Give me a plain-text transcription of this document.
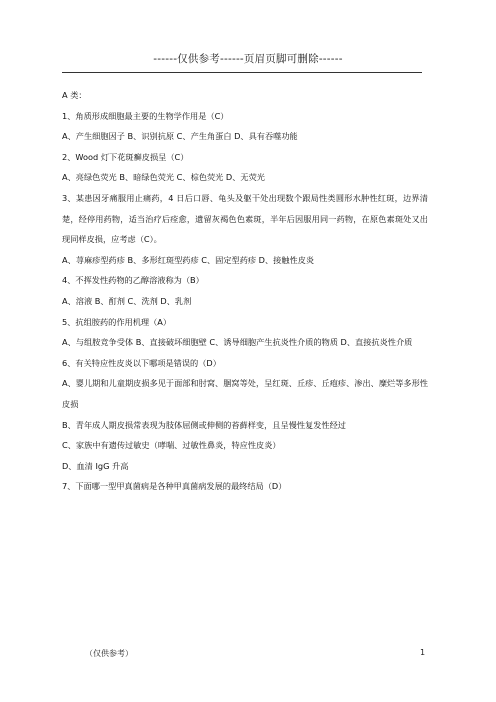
------仅供参考------页眉页脚可删除------

A 类：

1、角质形成细胞最主要的生物学作用是（C）

A、产生细胞因子 B、识别抗原 C、产生角蛋白 D、具有吞噬功能

2、Wood 灯下花斑癣皮损呈（C）

A、亮绿色荧光 B、暗绿色荧光 C、棕色荧光 D、无荧光

3、某患因牙痛服用止痛药，4 日后口唇、龟头及躯干处出现数个跟局性类圆形水肿性红斑，边界清楚，经停用药物，适当治疗后痊愈，遗留灰褐色色素斑，半年后因服用同一药物，在原色素斑处又出现同样皮损，应考虑（C）。

A、荨麻疹型药疹 B、多形红斑型药疹 C、固定型药疹 D、接触性皮炎

4、不挥发性药物的乙醇溶液称为（B）

A、溶液 B、酊剂 C、洗剂 D、乳剂

5、抗组胺药的作用机理（A）

A、与组胺竞争受体 B、直接破坏细胞壁 C、诱导细胞产生抗炎性介质的物质 D、直接抗炎性介质

6、有关特应性皮炎以下哪项是错误的（D）

A、婴儿期和儿童期皮损多见于面部和肘窝、腘窝等处，呈红斑、丘疹、丘疱疹、渗出、糜烂等多形性皮损

B、青年成人期皮损常表现为肢体屈侧或伸侧的苔藓样变，且呈慢性复发性经过

C、家族中有遗传过敏史（哮喘、过敏性鼻炎，特应性皮炎）

D、血清 IgG 升高

7、下面哪一型甲真菌病是各种甲真菌病发展的最终结局（D）

（仅供参考）	1
